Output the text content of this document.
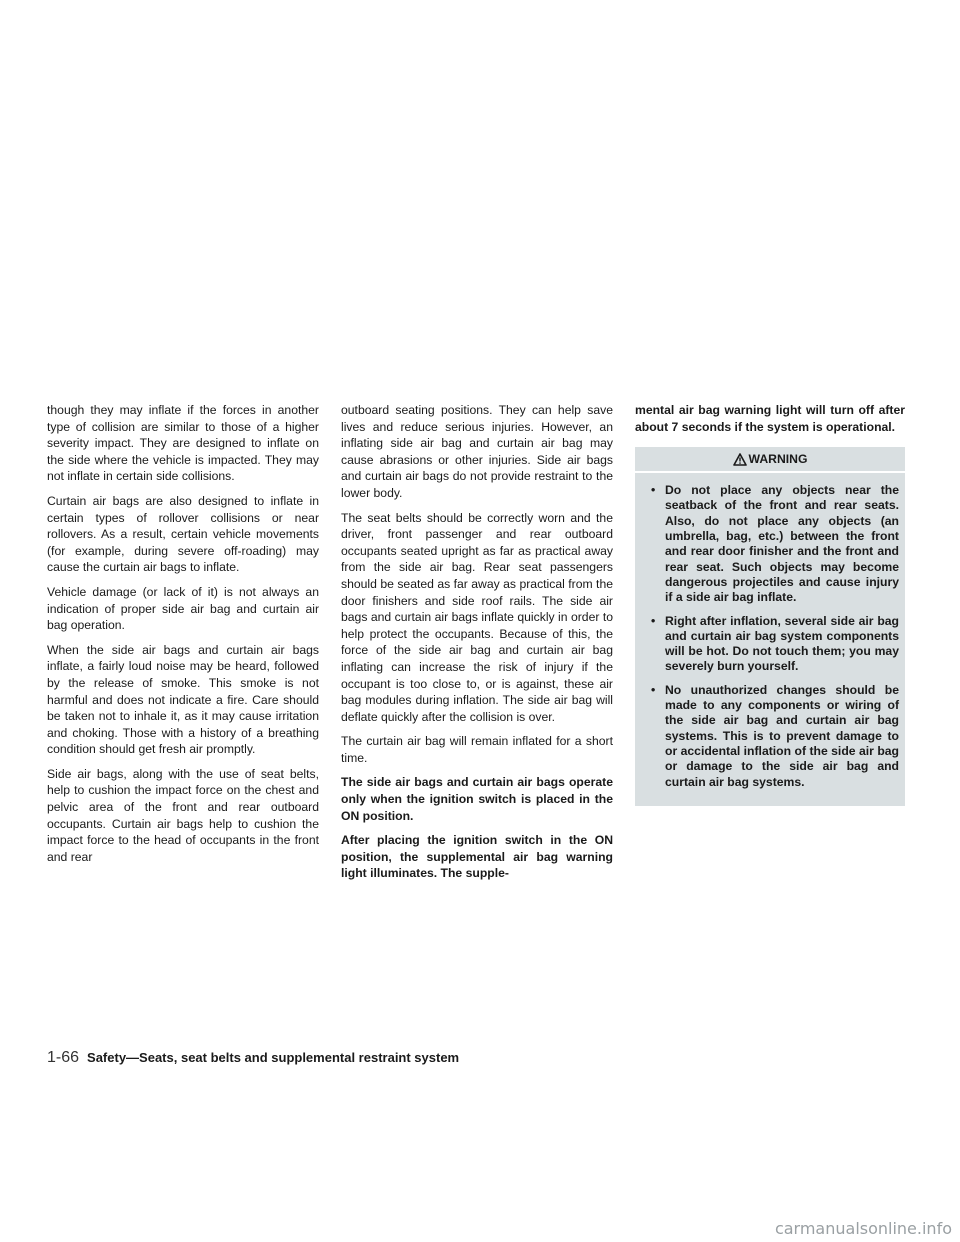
though they may inflate if the forces in another type of collision are similar to those of a higher severity impact. They are designed to inflate on the side where the vehicle is impacted. They may not inflate in certain side collisions.

Curtain air bags are also designed to inflate in certain types of rollover collisions or near rollovers. As a result, certain vehicle movements (for example, during severe off-roading) may cause the curtain air bags to inflate.

Vehicle damage (or lack of it) is not always an indication of proper side air bag and curtain air bag operation.

When the side air bags and curtain air bags inflate, a fairly loud noise may be heard, followed by the release of smoke. This smoke is not harmful and does not indicate a fire. Care should be taken not to inhale it, as it may cause irritation and choking. Those with a history of a breathing condition should get fresh air promptly.

Side air bags, along with the use of seat belts, help to cushion the impact force on the chest and pelvic area of the front and rear outboard occupants. Curtain air bags help to cushion the impact force to the head of occupants in the front and rear

outboard seating positions. They can help save lives and reduce serious injuries. However, an inflating side air bag and curtain air bag may cause abrasions or other injuries. Side air bags and curtain air bags do not provide restraint to the lower body.

The seat belts should be correctly worn and the driver, front passenger and rear outboard occupants seated upright as far as practical away from the side air bag. Rear seat passengers should be seated as far away as practical from the door finishers and side roof rails. The side air bags and curtain air bags inflate quickly in order to help protect the occupants. Because of this, the force of the side air bag and curtain air bag inflating can increase the risk of injury if the occupant is too close to, or is against, these air bag modules during inflation. The side air bag will deflate quickly after the collision is over.

The curtain air bag will remain inflated for a short time.

The side air bags and curtain air bags operate only when the ignition switch is placed in the ON position.

After placing the ignition switch in the ON position, the supplemental air bag warning light illuminates. The supple-

mental air bag warning light will turn off after about 7 seconds if the system is operational.

WARNING
• Do not place any objects near the seatback of the front and rear seats. Also, do not place any objects (an umbrella, bag, etc.) between the front and rear door finisher and the front and rear seat. Such objects may become dangerous projectiles and cause injury if a side air bag inflate.
• Right after inflation, several side air bag and curtain air bag system components will be hot. Do not touch them; you may severely burn yourself.
• No unauthorized changes should be made to any components or wiring of the side air bag and curtain air bag systems. This is to prevent damage to or accidental inflation of the side air bag or damage to the side air bag and curtain air bag systems.
1-66 Safety—Seats, seat belts and supplemental restraint system
carmanualsonline.info
